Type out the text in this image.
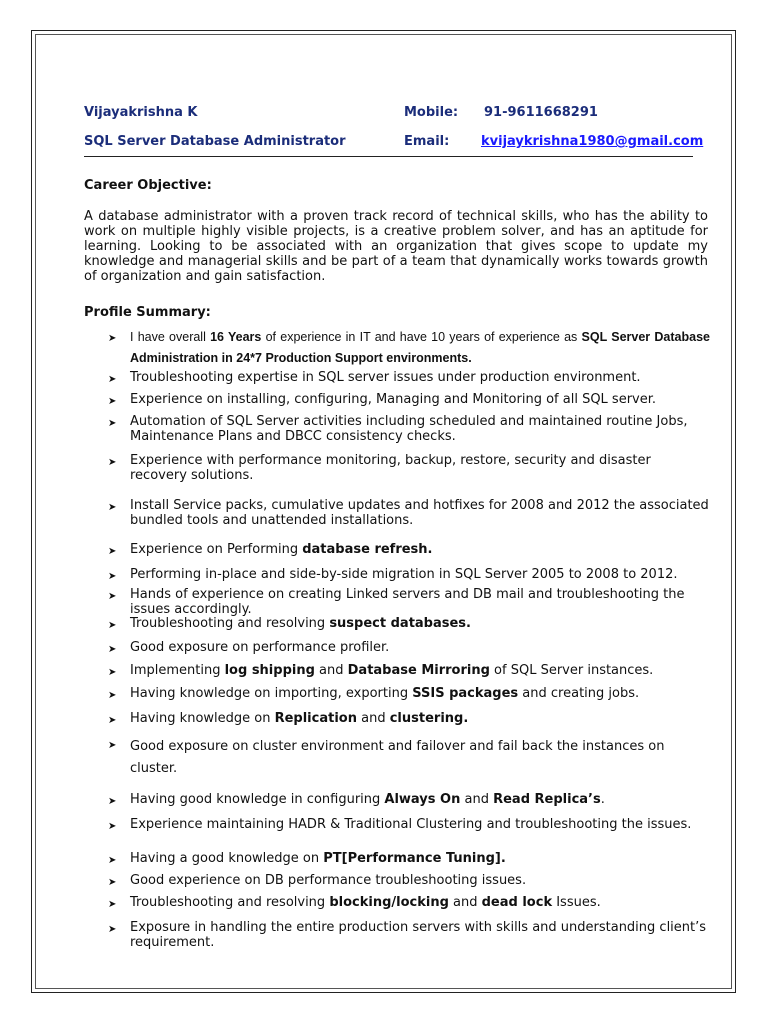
Vijayakrishna K
SQL Server Database Administrator
Mobile: 91-9611668291
Email: kvijaykrishna1980@gmail.com
Career Objective:
A database administrator with a proven track record of technical skills, who has the ability to work on multiple highly visible projects, is a creative problem solver, and has an aptitude for learning. Looking to be associated with an organization that gives scope to update my knowledge and managerial skills and be part of a team that dynamically works towards growth of organization and gain satisfaction.
Profile Summary:
➤ I have overall 16 Years of experience in IT and have 10 years of experience as SQL Server Database Administration in 24*7 Production Support environments.
➤ Troubleshooting expertise in SQL server issues under production environment.
➤ Experience on installing, configuring, Managing and Monitoring of all SQL server.
➤ Automation of SQL Server activities including scheduled and maintained routine Jobs, Maintenance Plans and DBCC consistency checks.
➤ Experience with performance monitoring, backup, restore, security and disaster recovery solutions.
➤ Install Service packs, cumulative updates and hotfixes for 2008 and 2012 the associated bundled tools and unattended installations.
➤ Experience on Performing database refresh.
➤ Performing in-place and side-by-side migration in SQL Server 2005 to 2008 to 2012.
➤ Hands of experience on creating Linked servers and DB mail and troubleshooting the issues accordingly.
➤ Troubleshooting and resolving suspect databases.
➤ Good exposure on performance profiler.
➤ Implementing log shipping and Database Mirroring of SQL Server instances.
➤ Having knowledge on importing, exporting SSIS packages and creating jobs.
➤ Having knowledge on Replication and clustering.
➤ Good exposure on cluster environment and failover and fail back the instances on cluster.
➤ Having good knowledge in configuring Always On and Read Replica’s.
➤ Experience maintaining HADR & Traditional Clustering and troubleshooting the issues.
➤ Having a good knowledge on PT[Performance Tuning].
➤ Good experience on DB performance troubleshooting issues.
➤ Troubleshooting and resolving blocking/locking and dead lock Issues.
➤ Exposure in handling the entire production servers with skills and understanding client’s requirement.
